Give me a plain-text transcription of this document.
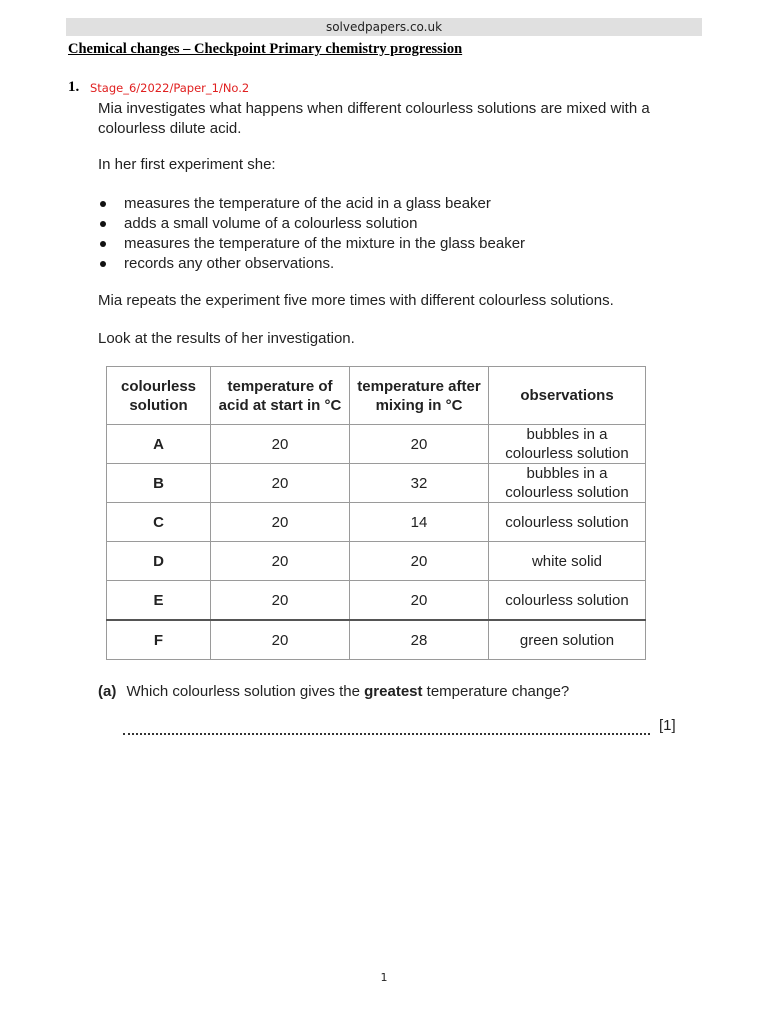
solvedpapers.co.uk
Chemical changes – Checkpoint Primary chemistry progression
1. Stage_6/2022/Paper_1/No.2
Mia investigates what happens when different colourless solutions are mixed with a colourless dilute acid.
In her first experiment she:
measures the temperature of the acid in a glass beaker
adds a small volume of a colourless solution
measures the temperature of the mixture in the glass beaker
records any other observations.
Mia repeats the experiment five more times with different colourless solutions.
Look at the results of her investigation.
colourless solution	temperature of acid at start in °C	temperature after mixing in °C	observations
A	20	20	bubbles in a colourless solution
B	20	32	bubbles in a colourless solution
C	20	14	colourless solution
D	20	20	white solid
E	20	20	colourless solution
F	20	28	green solution
(a) Which colourless solution gives the greatest temperature change?
[1]
1
